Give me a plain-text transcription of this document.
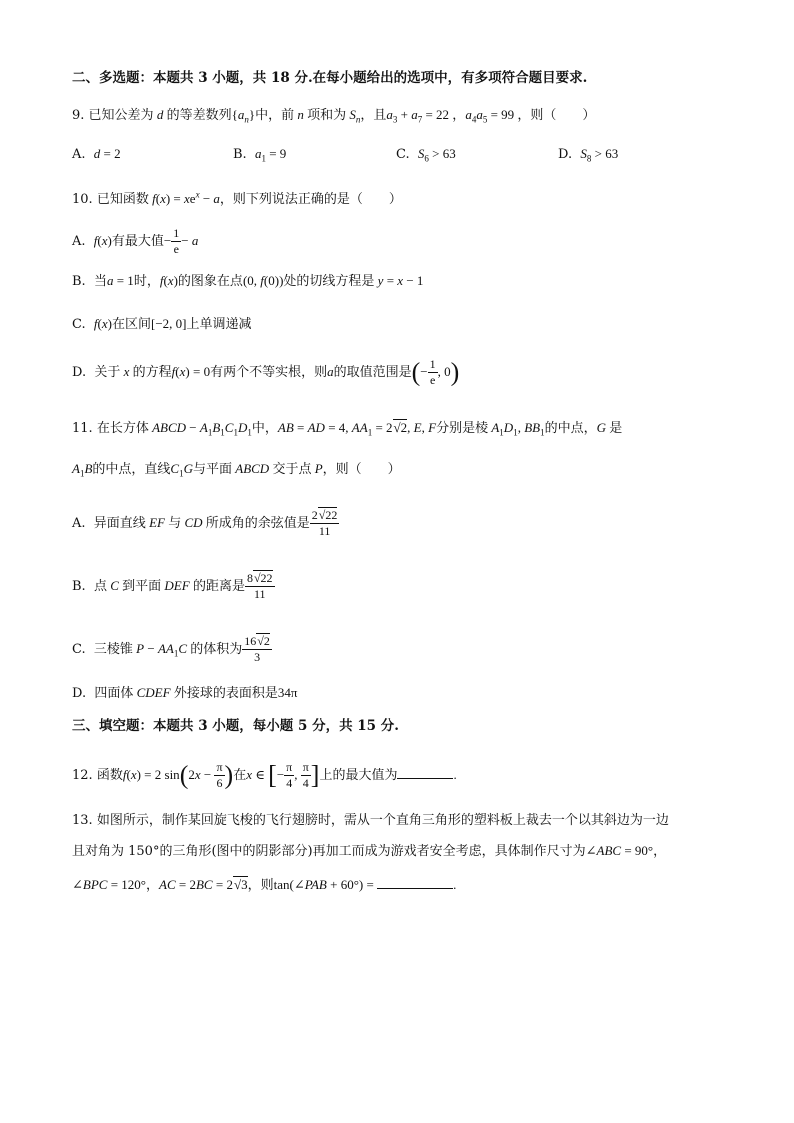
二、多选题：本题共 3 小题，共 18 分.在每小题给出的选项中，有多项符合题目要求.
9. 已知公差为 d 的等差数列$\{a_n\}$中，前 n 项和为 $S_n$，且$a_3 + a_7 = 22$ ，$a_4a_5 = 99$ ，则（　　）
A. d = 2	B. $a_1 = 9$	C. $S_6 > 63$	D. $S_8 > 63$
10. 已知函数 $f(x) = xe^x - a$，则下列说法正确的是（　　）
A. f(x)有最大值− $\frac{1}{e} - a$
B. 当a = 1时，f(x)的图象在点(0, f(0))处的切线方程是 y = x − 1
C. f(x)在区间[−2, 0]上单调递减
D. 关于 x 的方程f(x) = 0有两个不等实根，则a的取值范围是(− $\frac{1}{e}$ , 0)
11. 在长方体 ABCD − $A_1B_1C_1D_1$中，AB = AD = 4, $AA_1 = 2√2$, E, F分别是棱 $A_1D_1$, $BB_1$的中点，G 是
$A_1B$的中点，直线$C_1G$与平面 ABCD 交于点 P，则（　　）
A. 异面直线 EF 与 CD 所成角的余弦值是 $\frac{2√22}{11}$
B. 点 C 到平面 DEF 的距离是 $\frac{8√22}{11}$
C. 三棱锥 $P - AA_1C$ 的体积为 $\frac{16√2}{3}$
D. 四面体 CDEF 外接球的表面积是34π
三、填空题：本题共 3 小题，每小题 5 分，共 15 分.
12. 函数f(x) = 2 $\sin(2x - \frac{\pi}{6}$ )在x ∈ [− $\frac{\pi}{4}$ , $\frac{\pi}{4}$ ]上的最大值为	.
13. 如图所示，制作某回旋飞梭的飞行翅膀时，需从一个直角三角形的塑料板上裁去一个以其斜边为一边
且对角为 150°的三角形(图中的阴影部分)再加工而成为游戏者安全考虑，具体制作尺寸为∠ABC = 90°，
∠BPC = 120°，AC = 2BC = 2√3，则tan(∠PAB + 60°) =	.
